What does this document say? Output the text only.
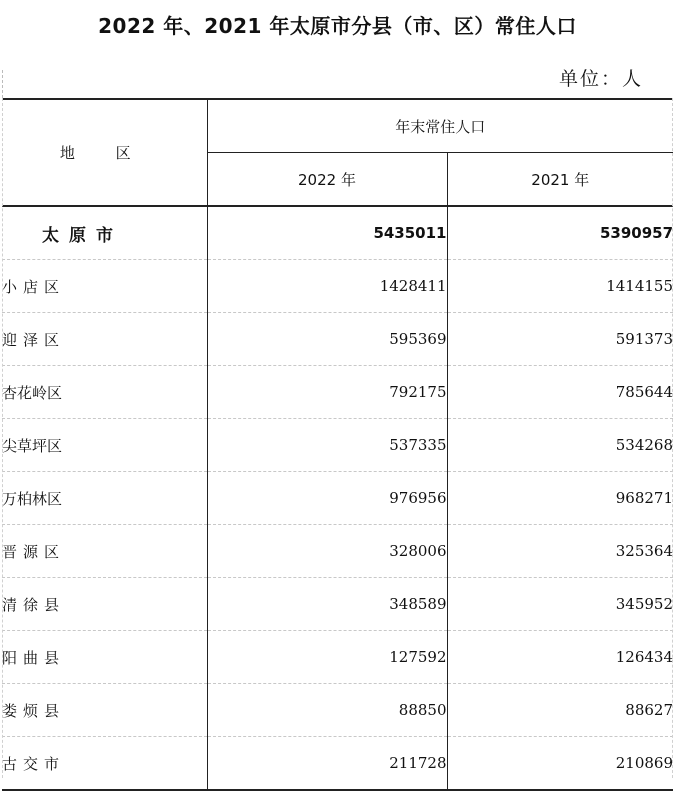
2022 年、2021 年太原市分县（市、区）常住人口
单位：人
地 区	年末常住人口	
	2022 年	2021 年
太原市	5435011	5390957
小店区	1428411	1414155
迎泽区	595369	591373
杏花岭区	792175	785644
尖草坪区	537335	534268
万柏林区	976956	968271
晋源区	328006	325364
清徐县	348589	345952
阳曲县	127592	126434
娄烦县	88850	88627
古交市	211728	210869
